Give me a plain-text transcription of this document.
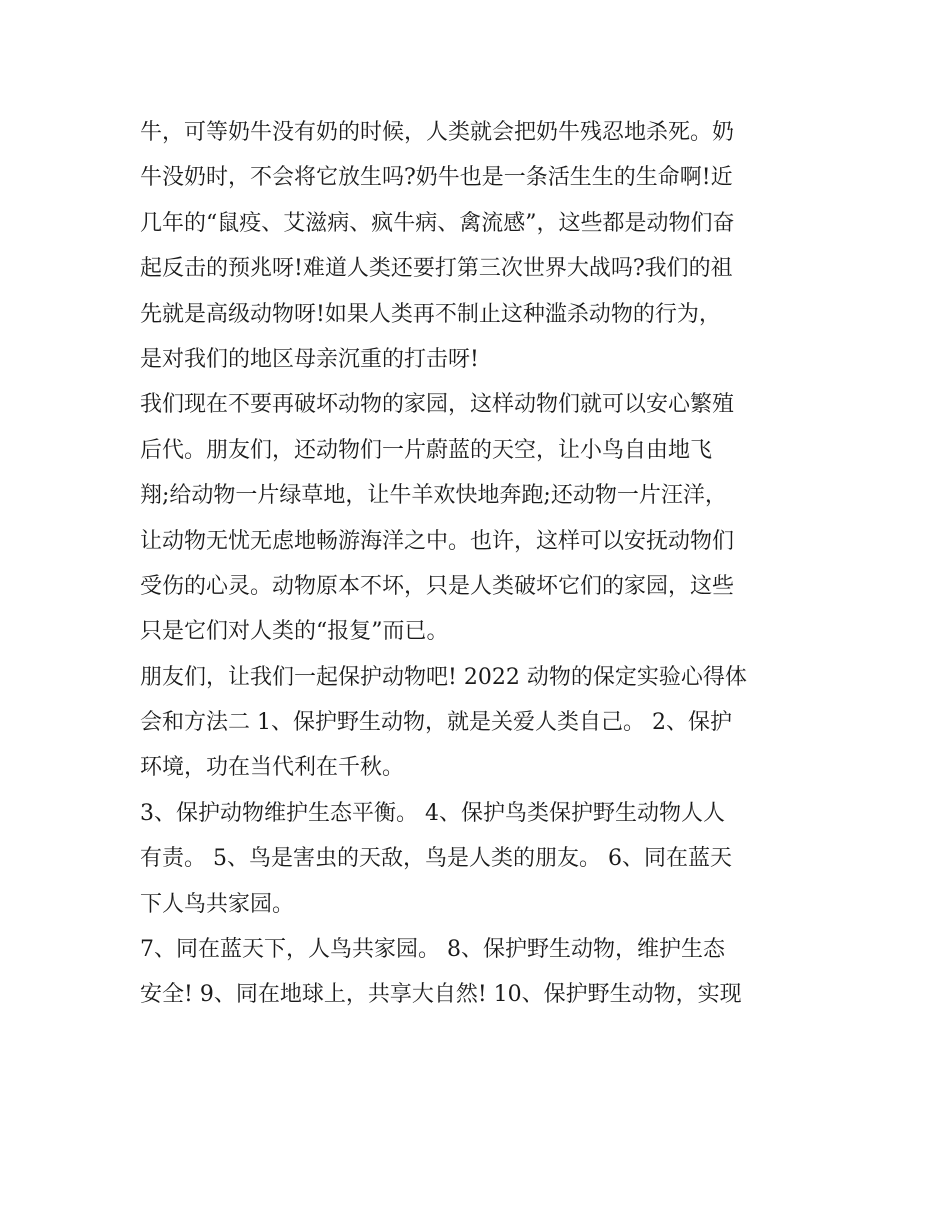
牛，可等奶牛没有奶的时候，人类就会把奶牛残忍地杀死。奶
牛没奶时，不会将它放生吗?奶牛也是一条活生生的生命啊!近
几年的“鼠疫、艾滋病、疯牛病、禽流感”，这些都是动物们奋
起反击的预兆呀!难道人类还要打第三次世界大战吗?我们的祖
先就是高级动物呀!如果人类再不制止这种滥杀动物的行为，
是对我们的地区母亲沉重的打击呀!
我们现在不要再破坏动物的家园，这样动物们就可以安心繁殖
后代。朋友们，还动物们一片蔚蓝的天空，让小鸟自由地飞
翔;给动物一片绿草地，让牛羊欢快地奔跑;还动物一片汪洋，
让动物无忧无虑地畅游海洋之中。也许，这样可以安抚动物们
受伤的心灵。动物原本不坏，只是人类破坏它们的家园，这些
只是它们对人类的“报复”而已。
朋友们，让我们一起保护动物吧! 2022 动物的保定实验心得体
会和方法二 1、保护野生动物，就是关爱人类自己。 2、保护
环境，功在当代利在千秋。
3、保护动物维护生态平衡。 4、保护鸟类保护野生动物人人
有责。 5、鸟是害虫的天敌，鸟是人类的朋友。 6、同在蓝天
下人鸟共家园。
7、同在蓝天下，人鸟共家园。 8、保护野生动物，维护生态
安全! 9、同在地球上，共享大自然! 10、保护野生动物，实现
